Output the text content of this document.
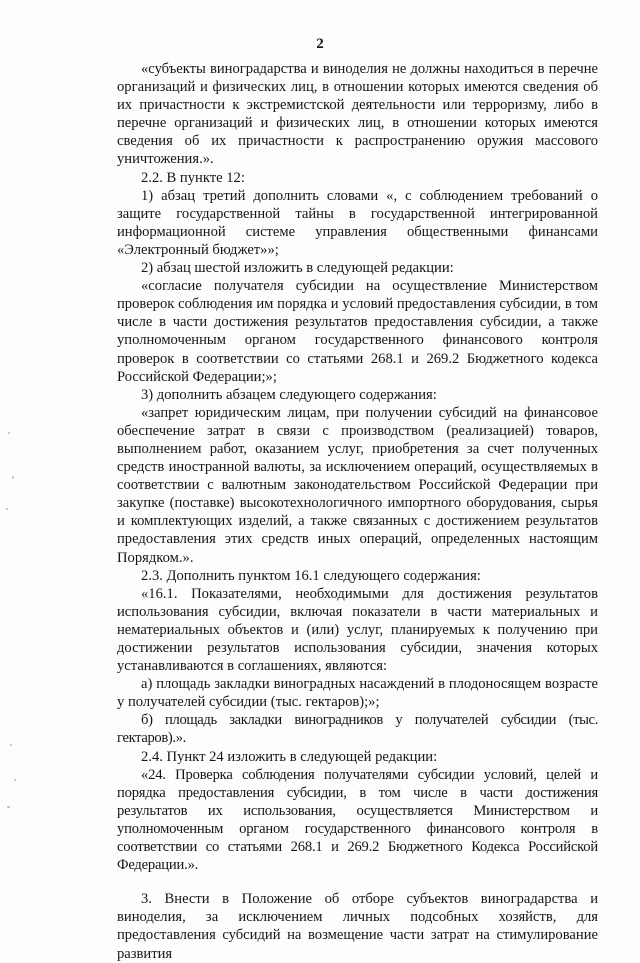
2

«субъекты виноградарства и виноделия не должны находиться в перечне организаций и физических лиц, в отношении которых имеются сведения об их причастности к экстремистской деятельности или терроризму, либо в перечне организаций и физических лиц, в отношении которых имеются сведения об их причастности к распространению оружия массового уничтожения.».

2.2. В пункте 12:

1) абзац третий дополнить словами «, с соблюдением требований о защите государственной тайны в государственной интегрированной информационной системе управления общественными финансами «Электронный бюджет»»;

2) абзац шестой изложить в следующей редакции:

«согласие получателя субсидии на осуществление Министерством проверок соблюдения им порядка и условий предоставления субсидии, в том числе в части достижения результатов предоставления субсидии, а также уполномоченным органом государственного финансового контроля проверок в соответствии со статьями 268.1 и 269.2 Бюджетного кодекса Российской Федерации;»;

3) дополнить абзацем следующего содержания:

«запрет юридическим лицам, при получении субсидий на финансовое обеспечение затрат в связи с производством (реализацией) товаров, выполнением работ, оказанием услуг, приобретения за счет полученных средств иностранной валюты, за исключением операций, осуществляемых в соответствии с валютным законодательством Российской Федерации при закупке (поставке) высокотехнологичного импортного оборудования, сырья и комплектующих изделий, а также связанных с достижением результатов предоставления этих средств иных операций, определенных настоящим Порядком.».

2.3. Дополнить пунктом 16.1 следующего содержания:

«16.1. Показателями, необходимыми для достижения результатов использования субсидии, включая показатели в части материальных и нематериальных объектов и (или) услуг, планируемых к получению при достижении результатов использования субсидии, значения которых устанавливаются в соглашениях, являются:

а) площадь закладки виноградных насаждений в плодоносящем возрасте у получателей субсидии (тыс. гектаров);»;

б) площадь закладки виноградников у получателей субсидии (тыс. гектаров).».

2.4. Пункт 24 изложить в следующей редакции:

«24. Проверка соблюдения получателями субсидии условий, целей и порядка предоставления субсидии, в том числе в части достижения результатов их использования, осуществляется Министерством и уполномоченным органом государственного финансового контроля в соответствии со статьями 268.1 и 269.2 Бюджетного Кодекса Российской Федерации.».

3. Внести в Положение об отборе субъектов виноградарства и виноделия, за исключением личных подсобных хозяйств, для предоставления субсидий на возмещение части затрат на стимулирование развития
